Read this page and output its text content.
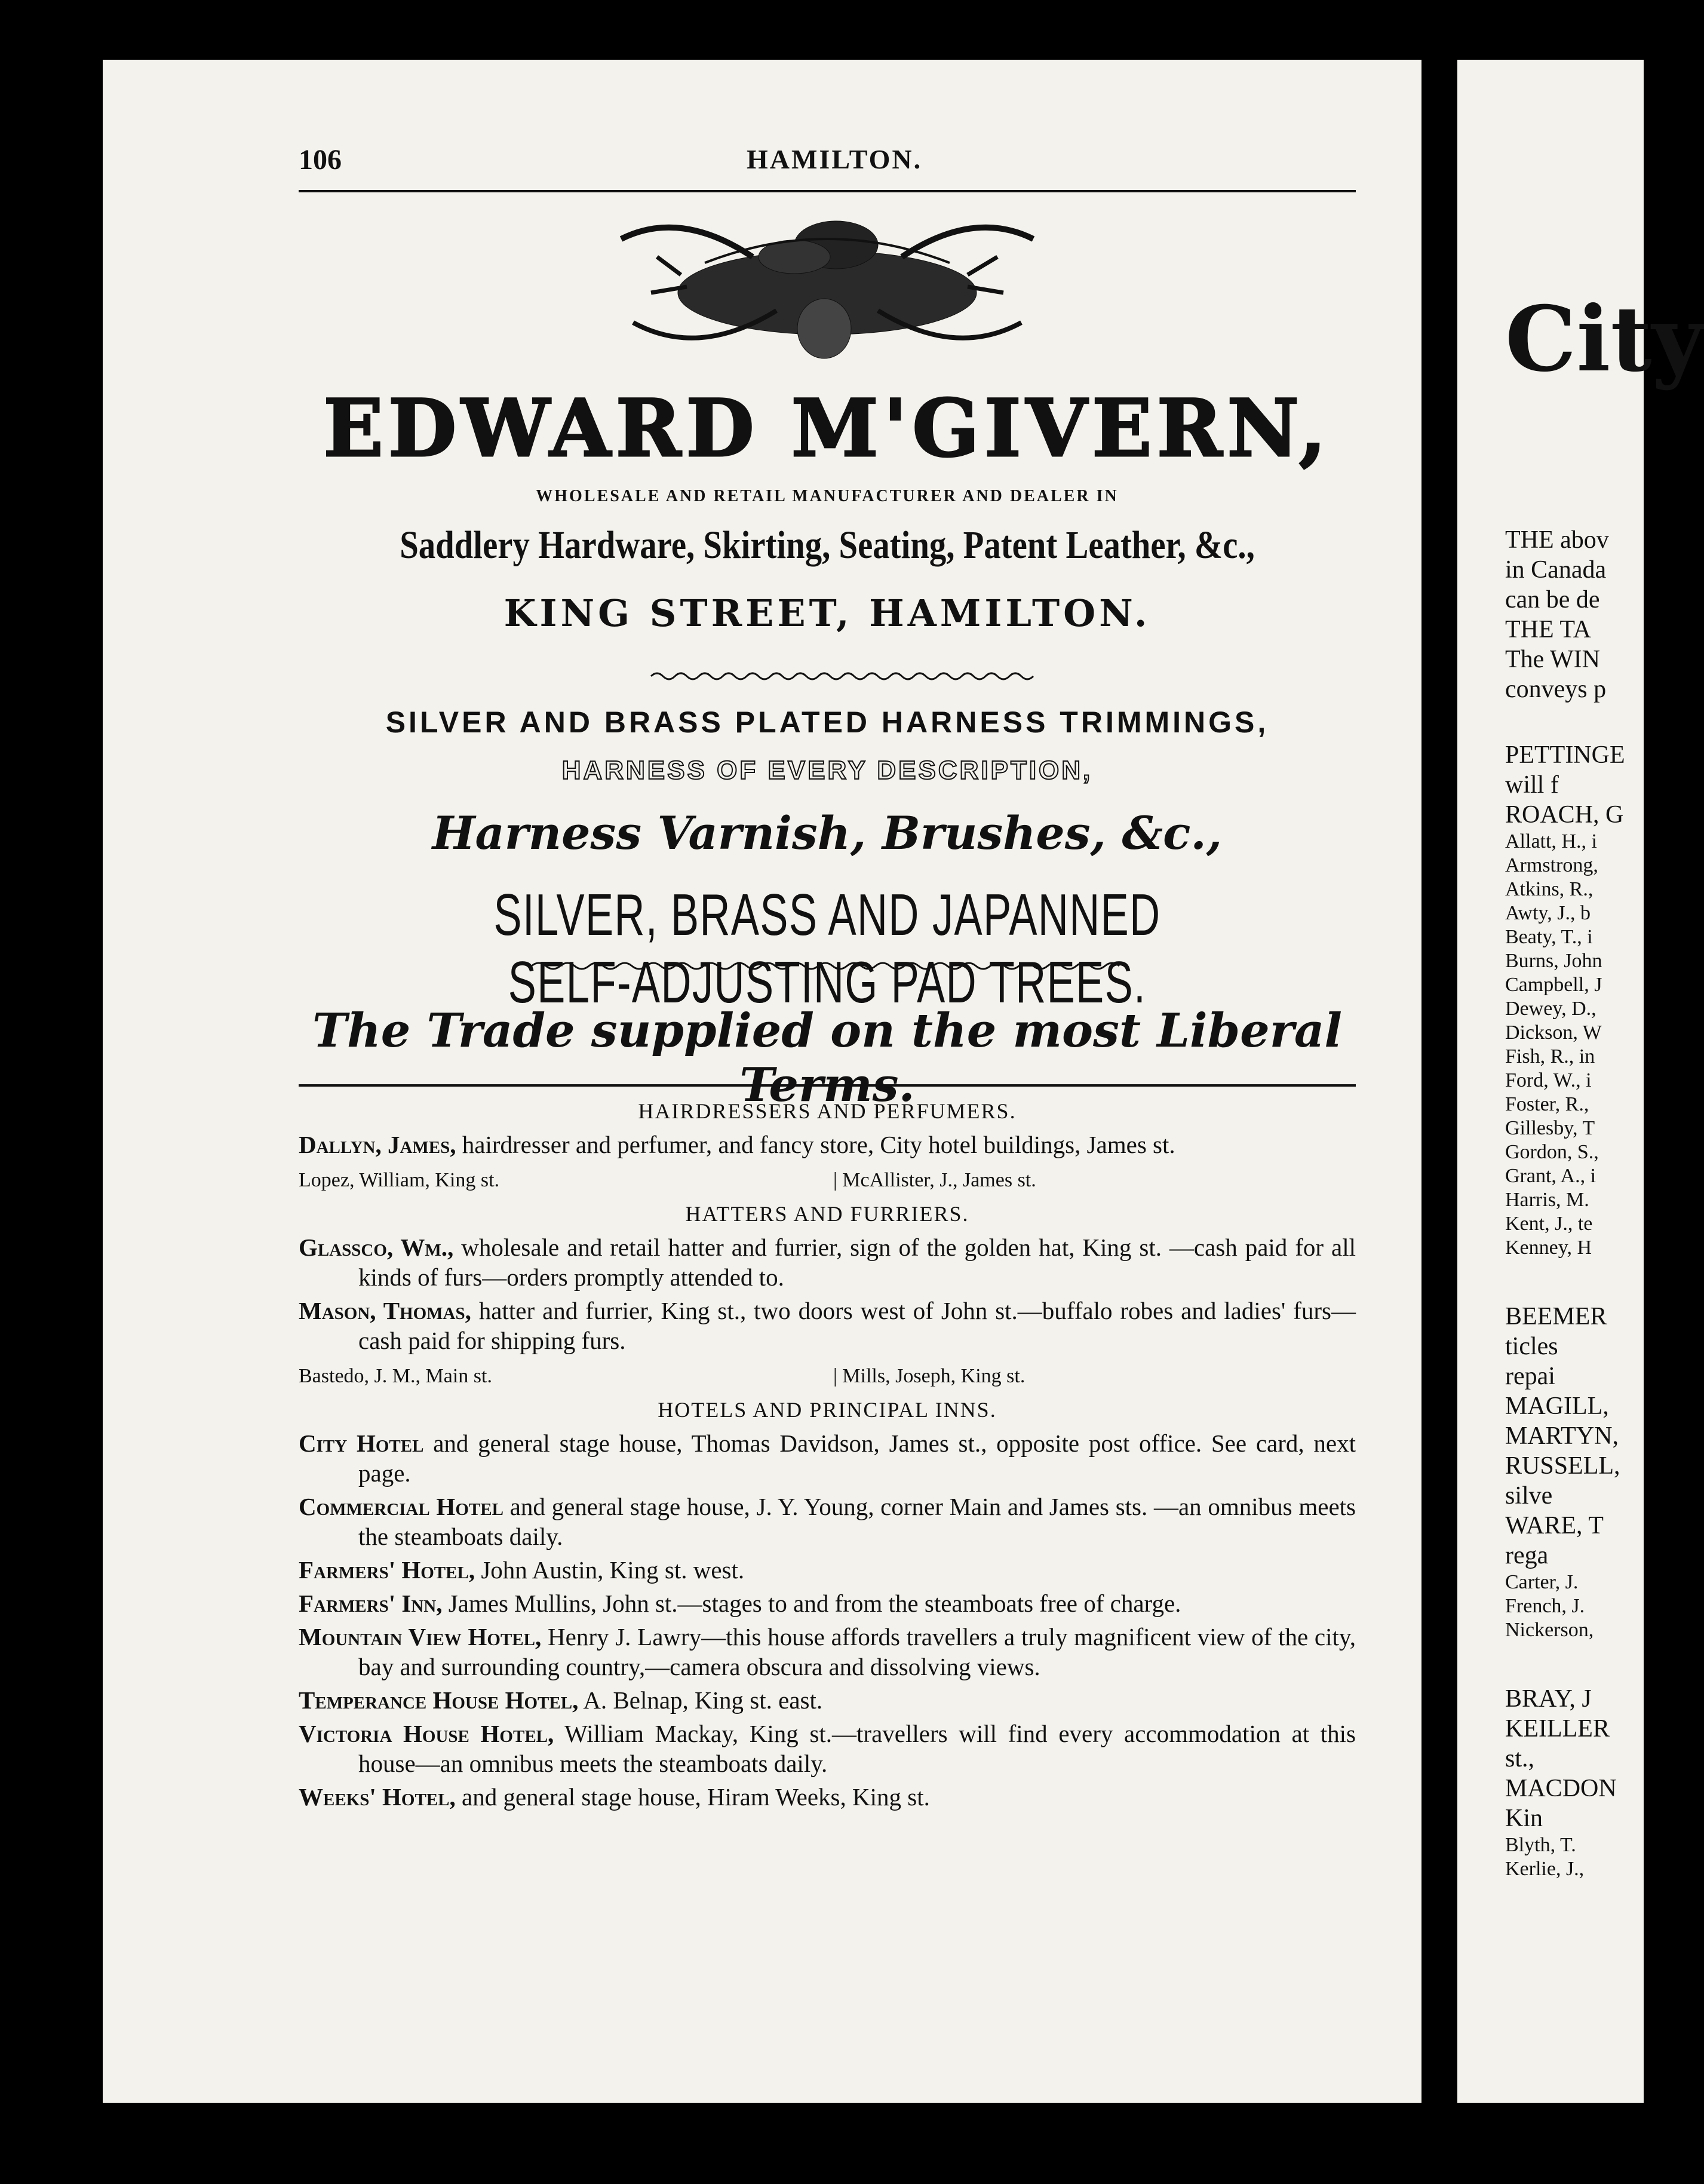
106	HAMILTON.
EDWARD M'GIVERN,
WHOLESALE AND RETAIL MANUFACTURER AND DEALER IN
Saddlery Hardware, Skirting, Seating, Patent Leather, &c.,
KING STREET, HAMILTON.
SILVER AND BRASS PLATED HARNESS TRIMMINGS,
HARNESS OF EVERY DESCRIPTION,
Harness Varnish, Brushes, &c.,
SILVER, BRASS AND JAPANNED SELF-ADJUSTING PAD TREES.
The Trade supplied on the most Liberal Terms.

HAIRDRESSERS AND PERFUMERS.

Dallyn, James, hairdresser and perfumer, and fancy store, City hotel buildings, James st.

Lopez, William, King st.	| McAllister, J., James st.

HATTERS AND FURRIERS.

Glassco, Wm., wholesale and retail hatter and furrier, sign of the golden hat, King st. —cash paid for all kinds of furs—orders promptly attended to.

Mason, Thomas, hatter and furrier, King st., two doors west of John st.—buffalo robes and ladies' furs—cash paid for shipping furs.

Bastedo, J. M., Main st.	| Mills, Joseph, King st.

HOTELS AND PRINCIPAL INNS.

City Hotel and general stage house, Thomas Davidson, James st., opposite post office. See card, next page.

Commercial Hotel and general stage house, J. Y. Young, corner Main and James sts. —an omnibus meets the steamboats daily.

Farmers' Hotel, John Austin, King st. west.

Farmers' Inn, James Mullins, John st.—stages to and from the steamboats free of charge.

Mountain View Hotel, Henry J. Lawry—this house affords travellers a truly magnificent view of the city, bay and surrounding country,—camera obscura and dissolving views.

Temperance House Hotel, A. Belnap, King st. east.

Victoria House Hotel, William Mackay, King st.—travellers will find every accommodation at this house—an omnibus meets the steamboats daily.

Weeks' Hotel, and general stage house, Hiram Weeks, King st.

City
THE abov
in Canada
can be de
THE TA
The WIN
conveys p
PETTINGE
will f
ROACH, G
Allatt, H., i
Armstrong,
Atkins, R.,
Awty, J., b
Beaty, T., i
Burns, John
Campbell, J
Dewey, D.,
Dickson, W
Fish, R., in
Ford, W., i
Foster, R.,
Gillesby, T
Gordon, S.,
Grant, A., i
Harris, M.
Kent, J., te
Kenney, H
BEEMER
ticles
repai
MAGILL,
MARTYN,
RUSSELL,
silve
WARE, T
rega
Carter, J.
French, J.
Nickerson,
BRAY, J
KEILLER
st.,
MACDON
Kin
Blyth, T.
Kerlie, J.,
